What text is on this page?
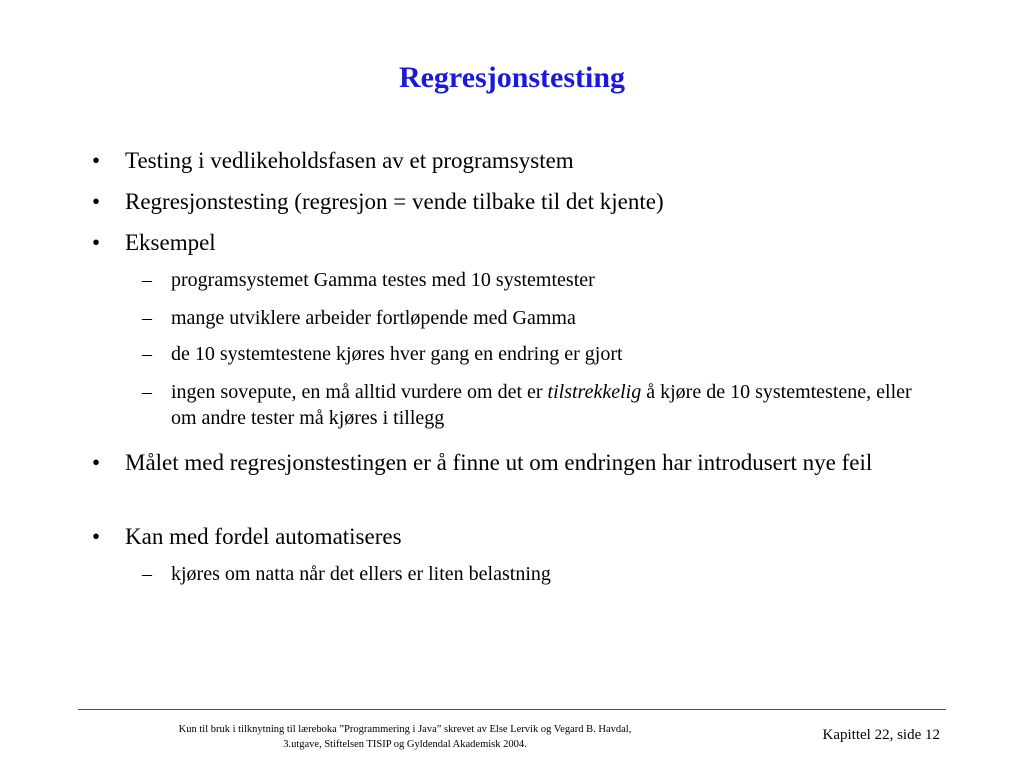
Regresjonstesting
• Testing i vedlikeholdsfasen av et programsystem
• Regresjonstesting (regresjon = vende tilbake til det kjente)
• Eksempel
– programsystemet Gamma testes med 10 systemtester
– mange utviklere arbeider fortløpende med Gamma
– de 10 systemtestene kjøres hver gang en endring er gjort
– ingen sovepute, en må alltid vurdere om det er tilstrekkelig å kjøre de 10 systemtestene, eller om andre tester må kjøres i tillegg
• Målet med regresjonstestingen er å finne ut om endringen har introdusert nye feil
• Kan med fordel automatiseres
– kjøres om natta når det ellers er liten belastning
Kun til bruk i tilknytning til læreboka ”Programmering i Java” skrevet av Else Lervik og Vegard B. Havdal,
3.utgave, Stiftelsen TISIP og Gyldendal Akademisk 2004.
Kapittel 22, side 12
